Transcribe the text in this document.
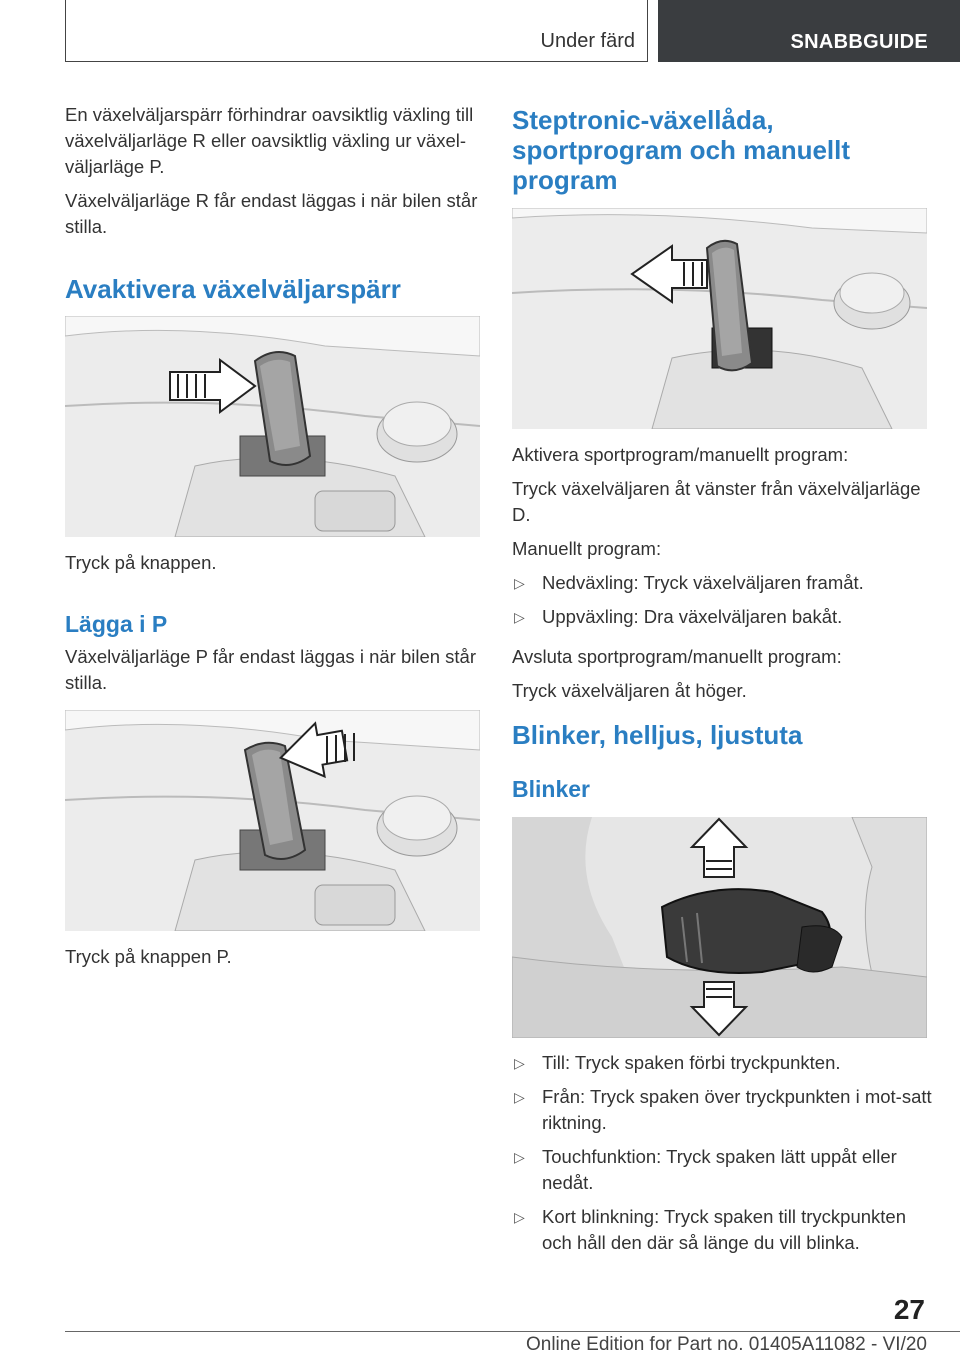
Under färd	SNABBGUIDE

En växelväljarspärr förhindrar oavsiktlig växling till växelväljarläge R eller oavsiktlig växling ur växel-väljarläge P.

Växelväljarläge R får endast läggas i när bilen står stilla.

Avaktivera växelväljarspärr

Tryck på knappen.

Lägga i P

Växelväljarläge P får endast läggas i när bilen står stilla.

Tryck på knappen P.

Steptronic-växellåda, sportprogram och manuellt program

Aktivera sportprogram/manuellt program:

Tryck växelväljaren åt vänster från växelväljarläge D.

Manuellt program:

▷ Nedväxling: Tryck växelväljaren framåt.
▷ Uppväxling: Dra växelväljaren bakåt.

Avsluta sportprogram/manuellt program:

Tryck växelväljaren åt höger.

Blinker, helljus, ljustuta
Blinker
▷ Till: Tryck spaken förbi tryckpunkten.
▷ Från: Tryck spaken över tryckpunkten i mot-satt riktning.
▷ Touchfunktion: Tryck spaken lätt uppåt eller nedåt.
▷ Kort blinkning: Tryck spaken till tryckpunkten och håll den där så länge du vill blinka.
27
Online Edition for Part no. 01405A11082 - VI/20
